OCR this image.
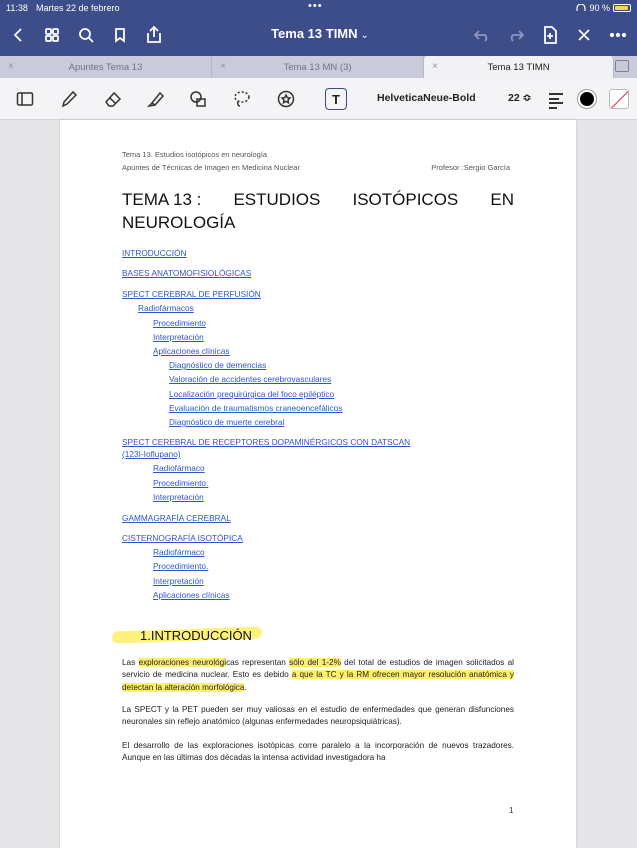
11:38 Martes 22 de febrero	•••	90 %
Tema 13 TIMN ⌄
×	Apuntes Tema 13	×	Tema 13 MN (3)	×	Tema 13 TIMN
T	HelveticaNeue-Bold	22 ≎
Tema 13. Estudios isotópicos en neurología
Apuntes de Técnicas de Imagen en Medicina Nuclear	Profesor :Sergio García
TEMA 13 : ESTUDIOS ISOTÓPICOS EN
NEUROLOGÍA
INTRODUCCIÓN
BASES ANATOMOFISIOLÓGICAS
SPECT CEREBRAL DE PERFUSIÓN
Radiofármacos
Procedimiento
Interpretación
Aplicaciones clínicas
Diagnóstico de demencias
Valoración de accidentes cerebrovasculares
Localización prequirúrgica del foco epiléptico
Evaluación de traumatismos craneoencefálicos
Diagnóstico de muerte cerebral
SPECT CEREBRAL DE RECEPTORES DOPAMINÉRGICOS CON DATSCAN
(123I-Ioflupano)
Radiofármaco
Procedimiento.
Interpretación
GAMMAGRAFÍA CEREBRAL
CISTERNOGRAFÍA ISOTÓPICA
Radiofármaco
Procedimiento.
Interpretación
Aplicaciones clínicas
1.INTRODUCCIÓN

Las exploraciones neurológicas representan sólo del 1-2% del total de estudios de imagen solicitados al servicio de medicina nuclear. Esto es debido a que la TC y la RM ofrecen mayor resolución anatómica y detectan la alteración morfológica.

La SPECT y la PET pueden ser muy valiosas en el estudio de enfermedades que generan disfunciones neuronales sin reflejo anatómico (algunas enfermedades neuropsiquiátricas).

El desarrollo de las exploraciones isotópicas corre paralelo a la incorporación de nuevos trazadores. Aunque en las últimas dos décadas la intensa actividad investigadora ha

1
